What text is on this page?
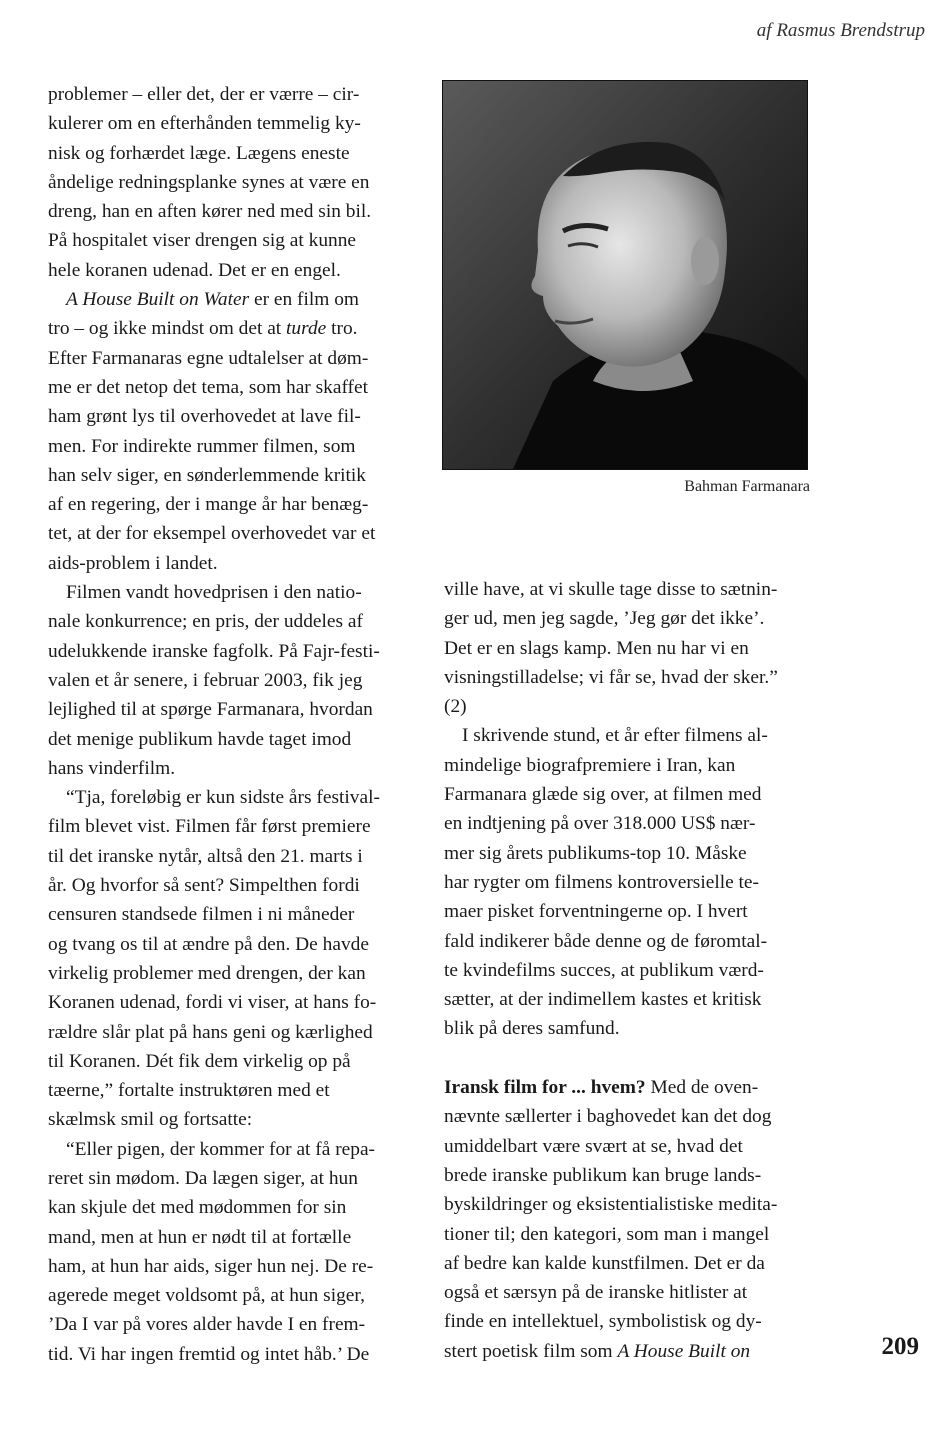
af Rasmus Brendstrup
problemer – eller det, der er værre – cir-
kulerer om en efterhånden temmelig ky-
nisk og forhærdet læge. Lægens eneste
åndelige redningsplanke synes at være en
dreng, han en aften kører ned med sin bil.
På hospitalet viser drengen sig at kunne
hele koranen udenad. Det er en engel.
A House Built on Water er en film om
tro – og ikke mindst om det at turde tro.
Efter Farmanaras egne udtalelser at døm-
me er det netop det tema, som har skaffet
ham grønt lys til overhovedet at lave fil-
men. For indirekte rummer filmen, som
han selv siger, en sønderlemmende kritik
af en regering, der i mange år har benæg-
tet, at der for eksempel overhovedet var et
aids-problem i landet.
Filmen vandt hovedprisen i den natio-
nale konkurrence; en pris, der uddeles af
udelukkende iranske fagfolk. På Fajr-festi-
valen et år senere, i februar 2003, fik jeg
lejlighed til at spørge Farmanara, hvordan
det menige publikum havde taget imod
hans vinderfilm.
“Tja, foreløbig er kun sidste års festival-
film blevet vist. Filmen får først premiere
til det iranske nytår, altså den 21. marts i
år. Og hvorfor så sent? Simpelthen fordi
censuren standsede filmen i ni måneder
og tvang os til at ændre på den. De havde
virkelig problemer med drengen, der kan
Koranen udenad, fordi vi viser, at hans fo-
rældre slår plat på hans geni og kærlighed
til Koranen. Dét fik dem virkelig op på
tæerne,” fortalte instruktøren med et
skælmsk smil og fortsatte:
“Eller pigen, der kommer for at få repa-
reret sin mødom. Da lægen siger, at hun
kan skjule det med mødommen for sin
mand, men at hun er nødt til at fortælle
ham, at hun har aids, siger hun nej. De re-
agerede meget voldsomt på, at hun siger,
’Da I var på vores alder havde I en frem-
tid. Vi har ingen fremtid og intet håb.’ De
Bahman Farmanara
ville have, at vi skulle tage disse to sætnin-
ger ud, men jeg sagde, ’Jeg gør det ikke’.
Det er en slags kamp. Men nu har vi en
visningstilladelse; vi får se, hvad der sker.”
(2)
I skrivende stund, et år efter filmens al-
mindelige biografpremiere i Iran, kan
Farmanara glæde sig over, at filmen med
en indtjening på over 318.000 US$ nær-
mer sig årets publikums-top 10. Måske
har rygter om filmens kontroversielle te-
maer pisket forventningerne op. I hvert
fald indikerer både denne og de føromtal-
te kvindefilms succes, at publikum værd-
sætter, at der indimellem kastes et kritisk
blik på deres samfund.
Iransk film for ... hvem? Med de oven-
nævnte sællerter i baghovedet kan det dog
umiddelbart være svært at se, hvad det
brede iranske publikum kan bruge lands-
byskildringer og eksistentialistiske medita-
tioner til; den kategori, som man i mangel
af bedre kan kalde kunstfilmen. Det er da
også et særsyn på de iranske hitlister at
finde en intellektuel, symbolistisk og dy-
stert poetisk film som A House Built on	209
